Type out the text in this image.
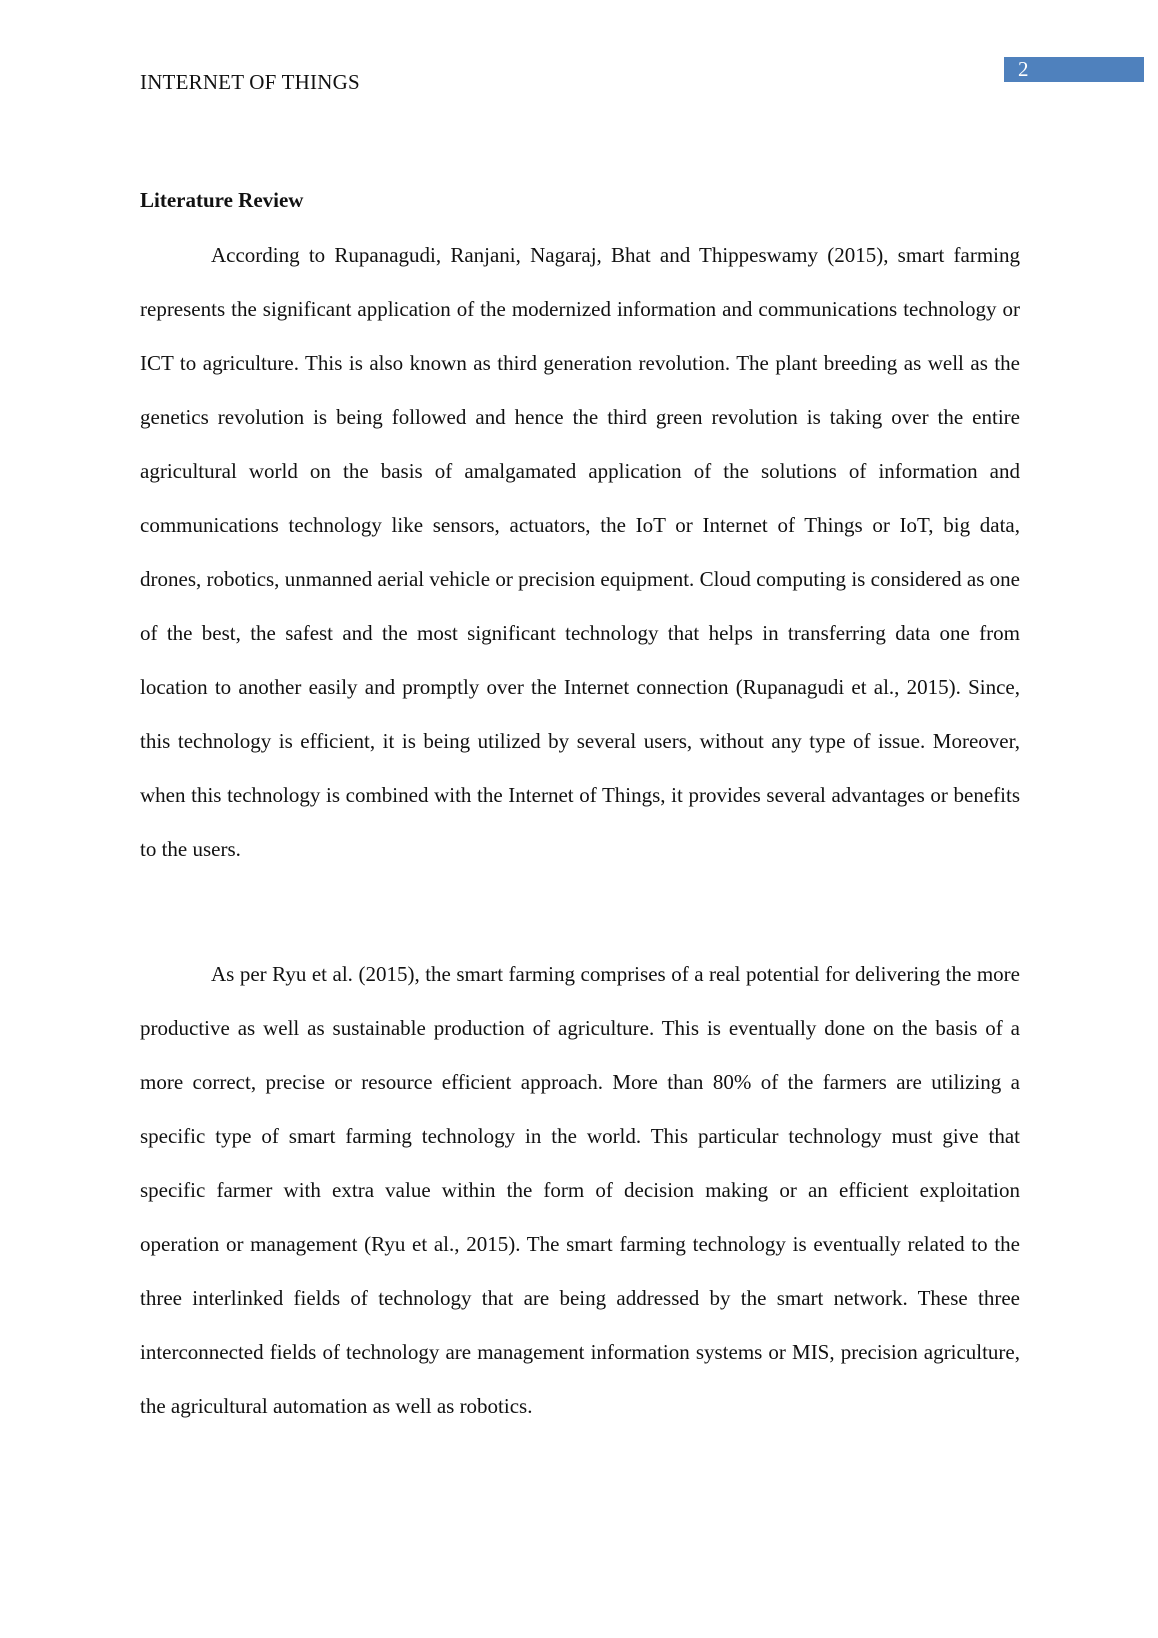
INTERNET OF THINGS
2
Literature Review

According to Rupanagudi, Ranjani, Nagaraj, Bhat and Thippeswamy (2015), smart farming represents the significant application of the modernized information and communications technology or ICT to agriculture. This is also known as third generation revolution. The plant breeding as well as the genetics revolution is being followed and hence the third green revolution is taking over the entire agricultural world on the basis of amalgamated application of the solutions of information and communications technology like sensors, actuators, the IoT or Internet of Things or IoT, big data, drones, robotics, unmanned aerial vehicle or precision equipment. Cloud computing is considered as one of the best, the safest and the most significant technology that helps in transferring data one from location to another easily and promptly over the Internet connection (Rupanagudi et al., 2015). Since, this technology is efficient, it is being utilized by several users, without any type of issue. Moreover, when this technology is combined with the Internet of Things, it provides several advantages or benefits to the users.

As per Ryu et al. (2015), the smart farming comprises of a real potential for delivering the more productive as well as sustainable production of agriculture. This is eventually done on the basis of a more correct, precise or resource efficient approach. More than 80% of the farmers are utilizing a specific type of smart farming technology in the world. This particular technology must give that specific farmer with extra value within the form of decision making or an efficient exploitation operation or management (Ryu et al., 2015). The smart farming technology is eventually related to the three interlinked fields of technology that are being addressed by the smart network. These three interconnected fields of technology are management information systems or MIS, precision agriculture, the agricultural automation as well as robotics.
